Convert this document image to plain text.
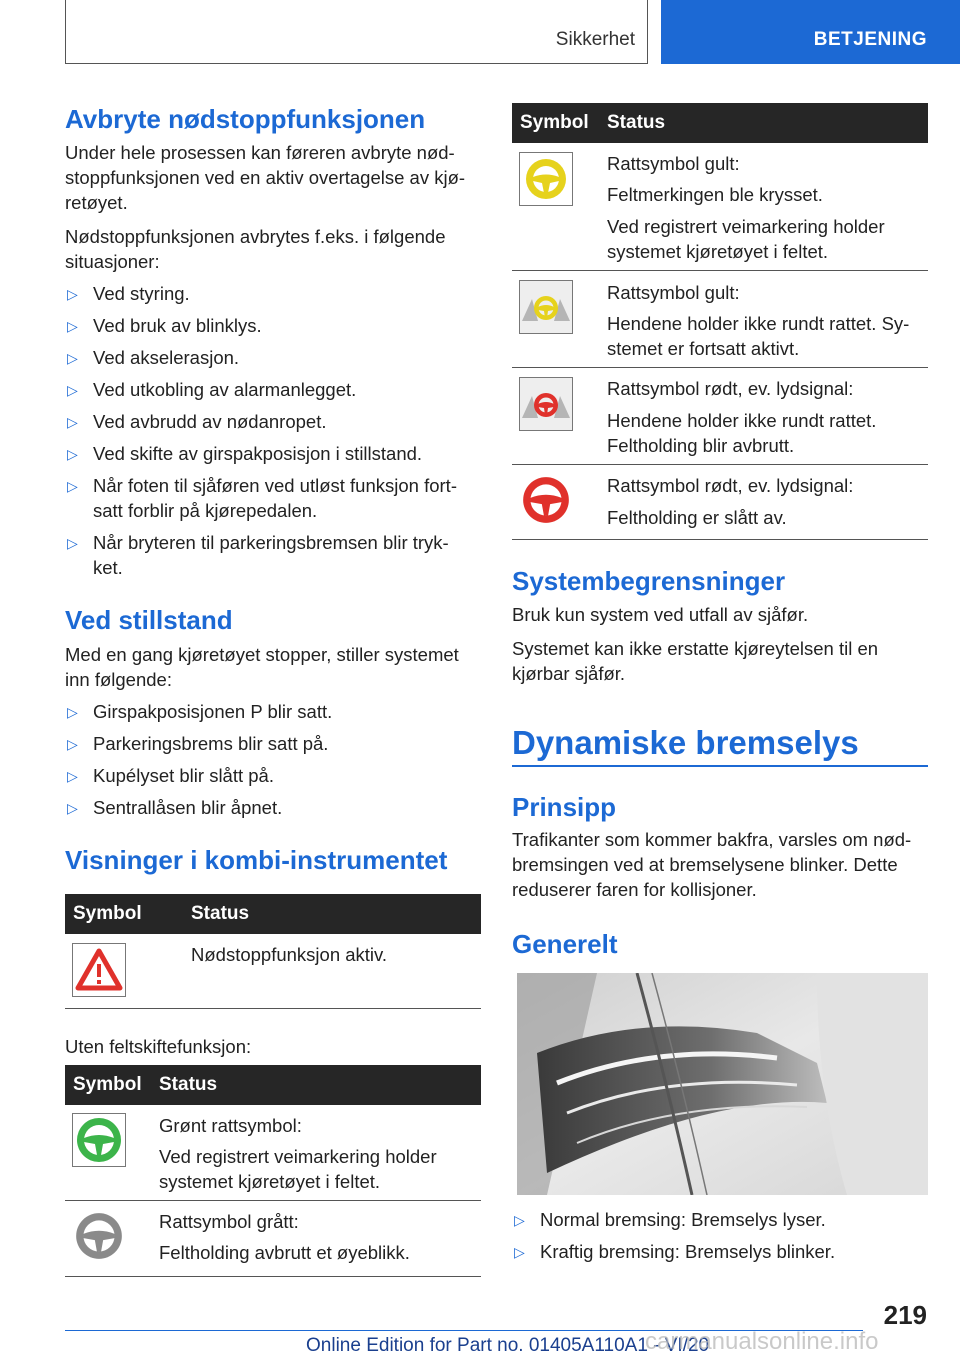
Sikkerhet	BETJENING
Avbryte nødstoppfunksjonen
Under hele prosessen kan føreren avbryte nød-
stoppfunksjonen ved en aktiv overtagelse av kjø-
retøyet.
Nødstoppfunksjonen avbrytes f.eks. i følgende
situasjoner:
▷ Ved styring.
▷ Ved bruk av blinklys.
▷ Ved akselerasjon.
▷ Ved utkobling av alarmanlegget.
▷ Ved avbrudd av nødanropet.
▷ Ved skifte av girspakposisjon i stillstand.
▷ Når foten til sjåføren ved utløst funksjon fort-
satt forblir på kjørepedalen.
▷ Når bryteren til parkeringsbremsen blir tryk-
ket.
Ved stillstand
Med en gang kjøretøyet stopper, stiller systemet
inn følgende:
▷ Girspakposisjonen P blir satt.
▷ Parkeringsbrems blir satt på.
▷ Kupélyset blir slått på.
▷ Sentrallåsen blir åpnet.
Visninger i kombi-instrumentet
Symbol	Status
Nødstoppfunksjon aktiv.
Uten feltskiftefunksjon:
Symbol Status
Grønt rattsymbol:
Ved registrert veimarkering holder
systemet kjøretøyet i feltet.
Rattsymbol grått:
Feltholding avbrutt et øyeblikk.
Symbol Status
Rattsymbol gult:
Feltmerkingen ble krysset.
Ved registrert veimarkering holder
systemet kjøretøyet i feltet.
Rattsymbol gult:
Hendene holder ikke rundt rattet. Sy-
stemet er fortsatt aktivt.
Rattsymbol rødt, ev. lydsignal:
Hendene holder ikke rundt rattet.
Feltholding blir avbrutt.
Rattsymbol rødt, ev. lydsignal:
Feltholding er slått av.
Systembegrensninger
Bruk kun system ved utfall av sjåfør.
Systemet kan ikke erstatte kjøreytelsen til en
kjørbar sjåfør.
Dynamiske bremselys
Prinsipp
Trafikanter som kommer bakfra, varsles om nød-
bremsingen ved at bremselysene blinker. Dette
reduserer faren for kollisjoner.
Generelt
▷ Normal bremsing: Bremselys lyser.
▷ Kraftig bremsing: Bremselys blinker.
219
Online Edition for Part no. 01405A110A1 - VI/20
carmanualsonline.info
